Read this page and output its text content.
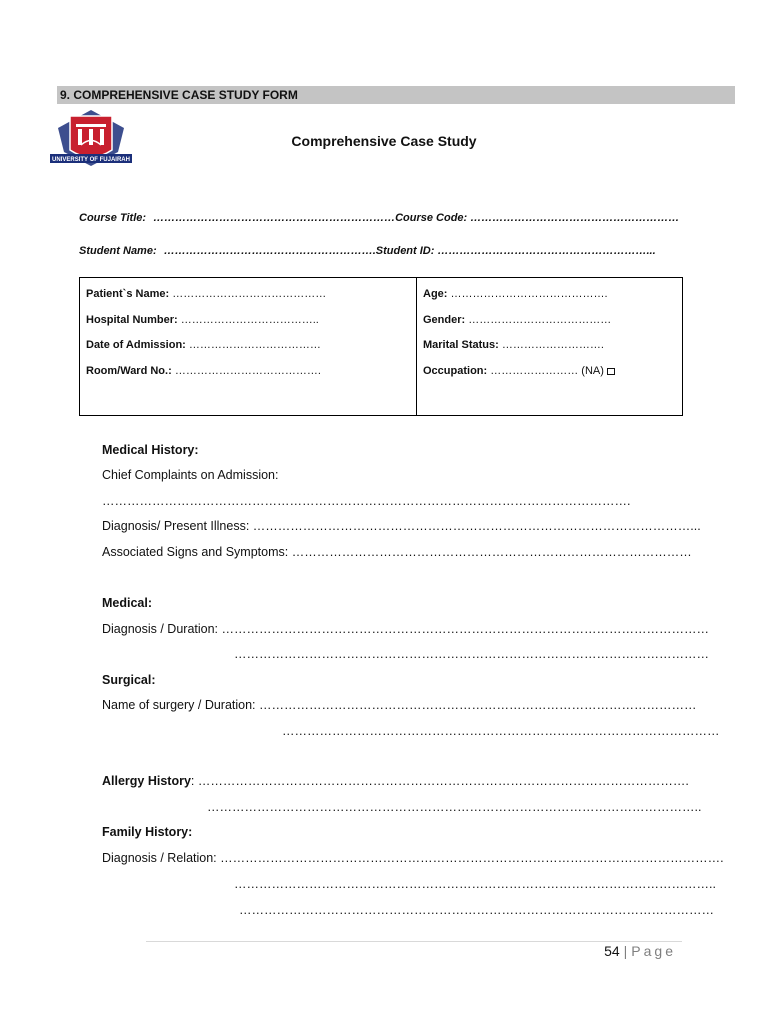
9. COMPREHENSIVE CASE STUDY FORM
UNIVERSITY OF FUJAIRAH
Comprehensive Case Study
Course Title: …………………………………………………………Course Code: …………………………………………………
Student Name: ………………………………………………….Student ID: …………………………………………………...
Patient`s Name: ……………………………………
Hospital Number: ………………………………..
Date of Admission: ………………………………
Room/Ward No.: ………………………………….
Age: …………………………………….
Gender: …………………………………
Marital Status: ……………………….
Occupation: …………………… (NA)
Medical History:
Chief Complaints on Admission:
……………………………………………………………………………………………………………….
Diagnosis/ Present Illness: ……………………………………………………………………………………………...
Associated Signs and Symptoms: ……………………………………………………………………………………
Medical:
Diagnosis / Duration: ………………………………………………………………………………………………………
……………………………………………………………………………………………………
Surgical:
Name of surgery / Duration: ……………………………………………………………………………………………
……………………………………………………………………………………………
Allergy History: ……………………………………………………………………………………………………….
………………………………………………………………………………………………………..
Family History:
Diagnosis / Relation: ………………………………………………………………………………………………………….
……………………………………………………………………………………………………..
……………………………………………………………………………………………………
54 | Page
